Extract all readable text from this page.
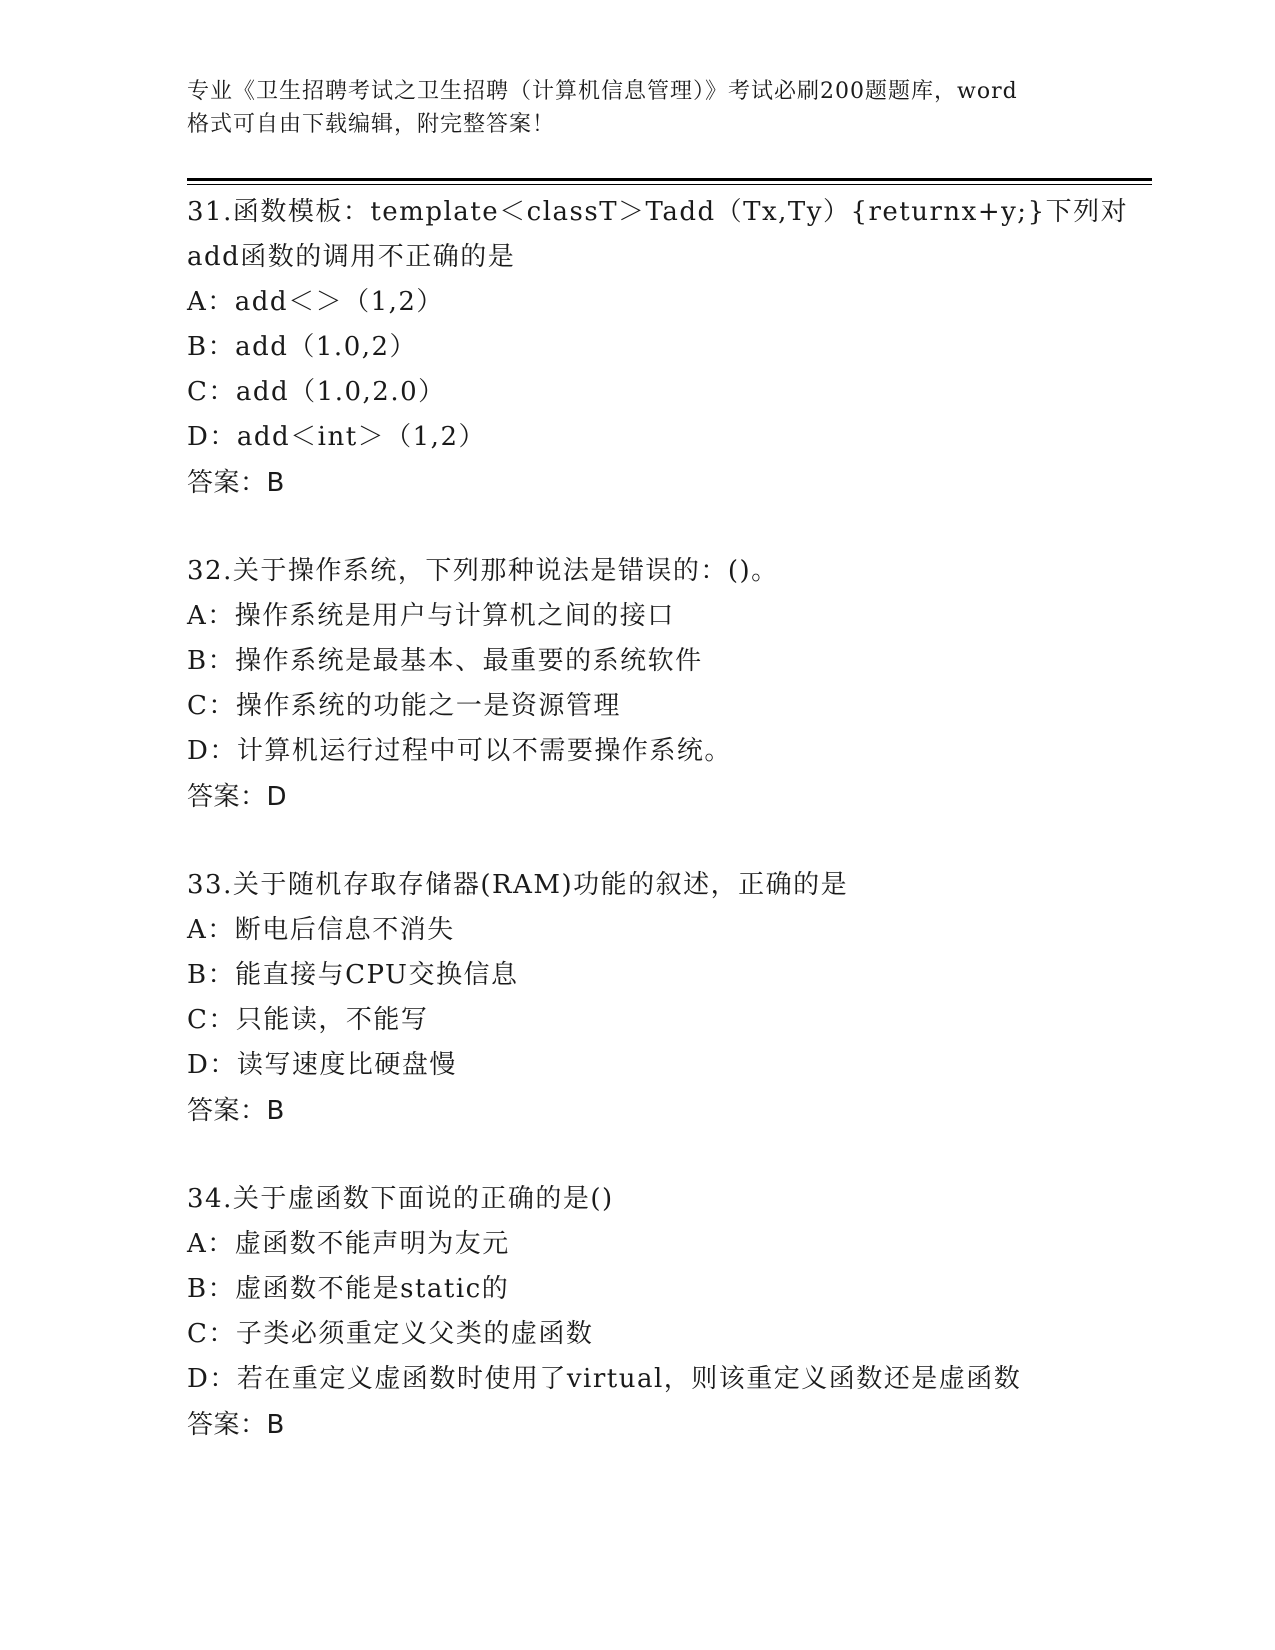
专业《卫生招聘考试之卫生招聘（计算机信息管理）》考试必刷200题题库，word
格式可自由下载编辑，附完整答案！
31.函数模板：template＜classT＞Tadd（Tx,Ty）{returnx+y;}下列对add函数的调用不正确的是
A：add＜＞（1,2）
B：add（1.0,2）
C：add（1.0,2.0）
D：add＜int＞（1,2）
答案：B
32.关于操作系统，下列那种说法是错误的：()。
A：操作系统是用户与计算机之间的接口
B：操作系统是最基本、最重要的系统软件
C：操作系统的功能之一是资源管理
D：计算机运行过程中可以不需要操作系统。
答案：D
33.关于随机存取存储器(RAM)功能的叙述，正确的是
A：断电后信息不消失
B：能直接与CPU交换信息
C：只能读，不能写
D：读写速度比硬盘慢
答案：B
34.关于虚函数下面说的正确的是()
A：虚函数不能声明为友元
B：虚函数不能是static的
C：子类必须重定义父类的虚函数
D：若在重定义虚函数时使用了virtual，则该重定义函数还是虚函数
答案：B
